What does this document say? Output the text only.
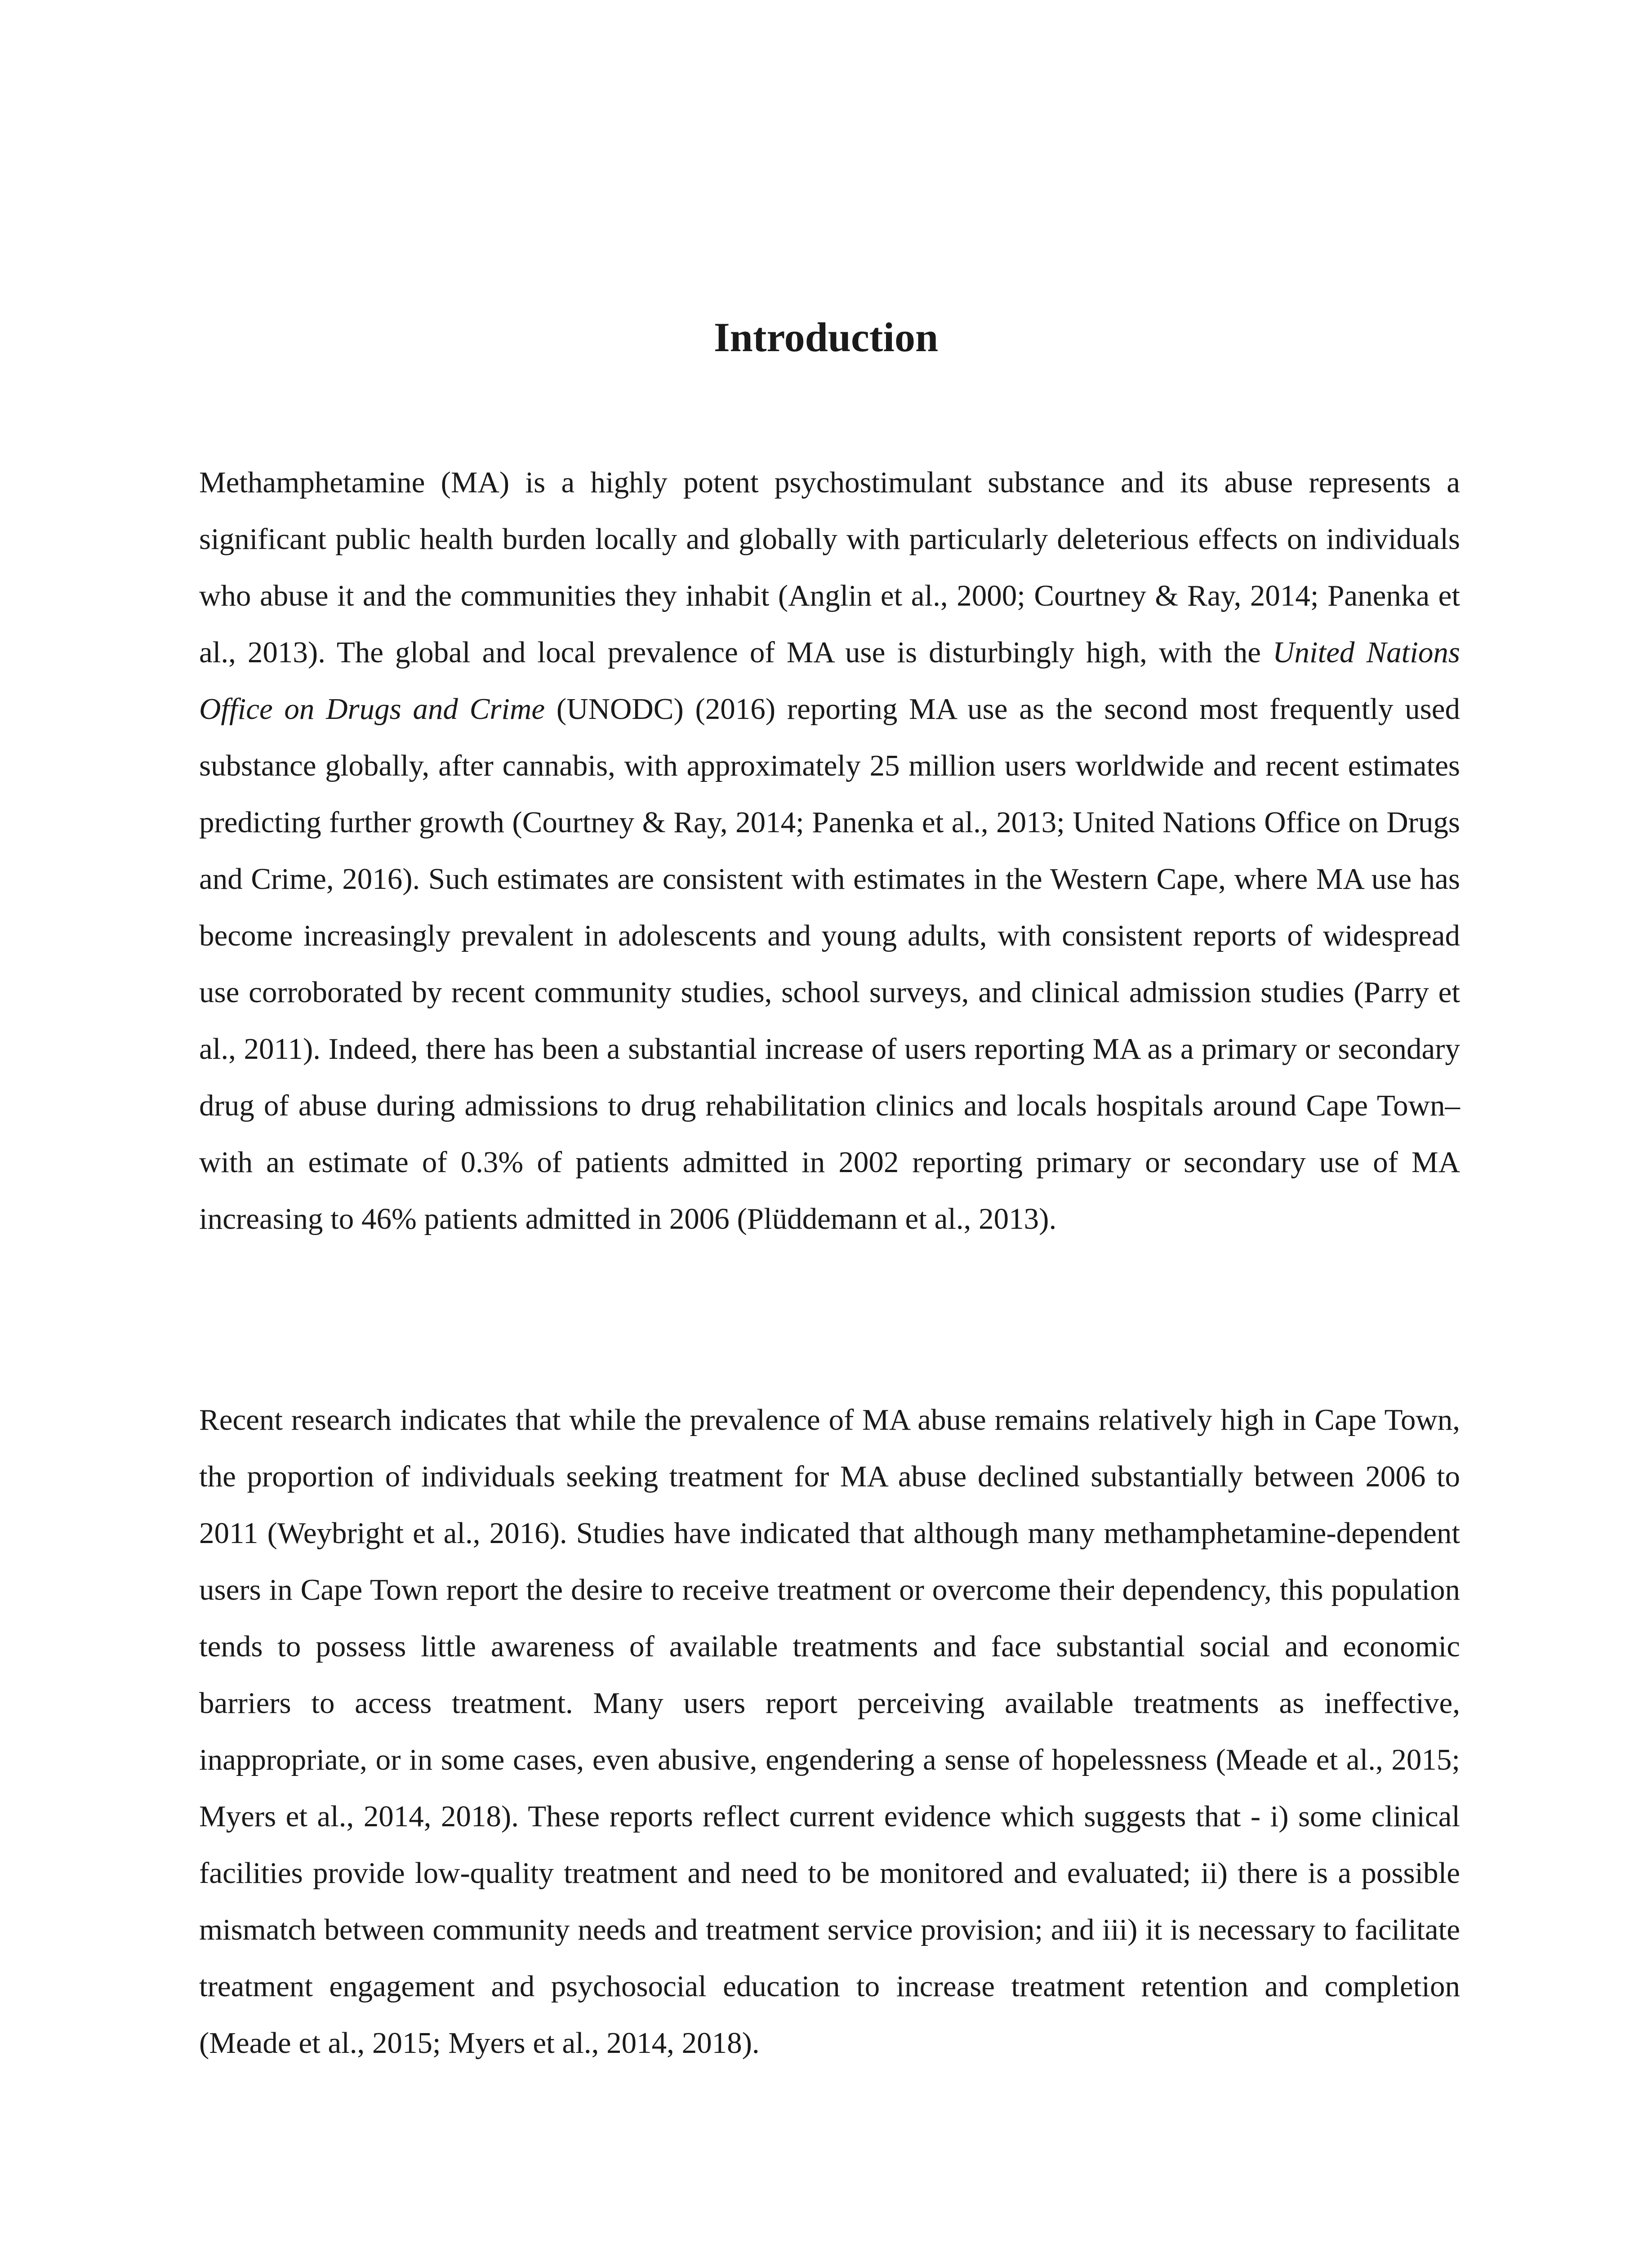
Introduction

Methamphetamine (MA) is a highly potent psychostimulant substance and its abuse represents a significant public health burden locally and globally with particularly deleterious effects on individuals who abuse it and the communities they inhabit (Anglin et al., 2000; Courtney & Ray, 2014; Panenka et al., 2013). The global and local prevalence of MA use is disturbingly high, with the United Nations Office on Drugs and Crime (UNODC) (2016) reporting MA use as the second most frequently used substance globally, after cannabis, with approximately 25 million users worldwide and recent estimates predicting further growth (Courtney & Ray, 2014; Panenka et al., 2013; United Nations Office on Drugs and Crime, 2016). Such estimates are consistent with estimates in the Western Cape, where MA use has become increasingly prevalent in adolescents and young adults, with consistent reports of widespread use corroborated by recent community studies, school surveys, and clinical admission studies (Parry et al., 2011). Indeed, there has been a substantial increase of users reporting MA as a primary or secondary drug of abuse during admissions to drug rehabilitation clinics and locals hospitals around Cape Town–with an estimate of 0.3% of patients admitted in 2002 reporting primary or secondary use of MA increasing to 46% patients admitted in 2006 (Plüddemann et al., 2013).

Recent research indicates that while the prevalence of MA abuse remains relatively high in Cape Town, the proportion of individuals seeking treatment for MA abuse declined substantially between 2006 to 2011 (Weybright et al., 2016). Studies have indicated that although many methamphetamine-dependent users in Cape Town report the desire to receive treatment or overcome their dependency, this population tends to possess little awareness of available treatments and face substantial social and economic barriers to access treatment. Many users report perceiving available treatments as ineffective, inappropriate, or in some cases, even abusive, engendering a sense of hopelessness (Meade et al., 2015; Myers et al., 2014, 2018). These reports reflect current evidence which suggests that - i) some clinical facilities provide low-quality treatment and need to be monitored and evaluated; ii) there is a possible mismatch between community needs and treatment service provision; and iii) it is necessary to facilitate treatment engagement and psychosocial education to increase treatment retention and completion (Meade et al., 2015; Myers et al., 2014, 2018).
